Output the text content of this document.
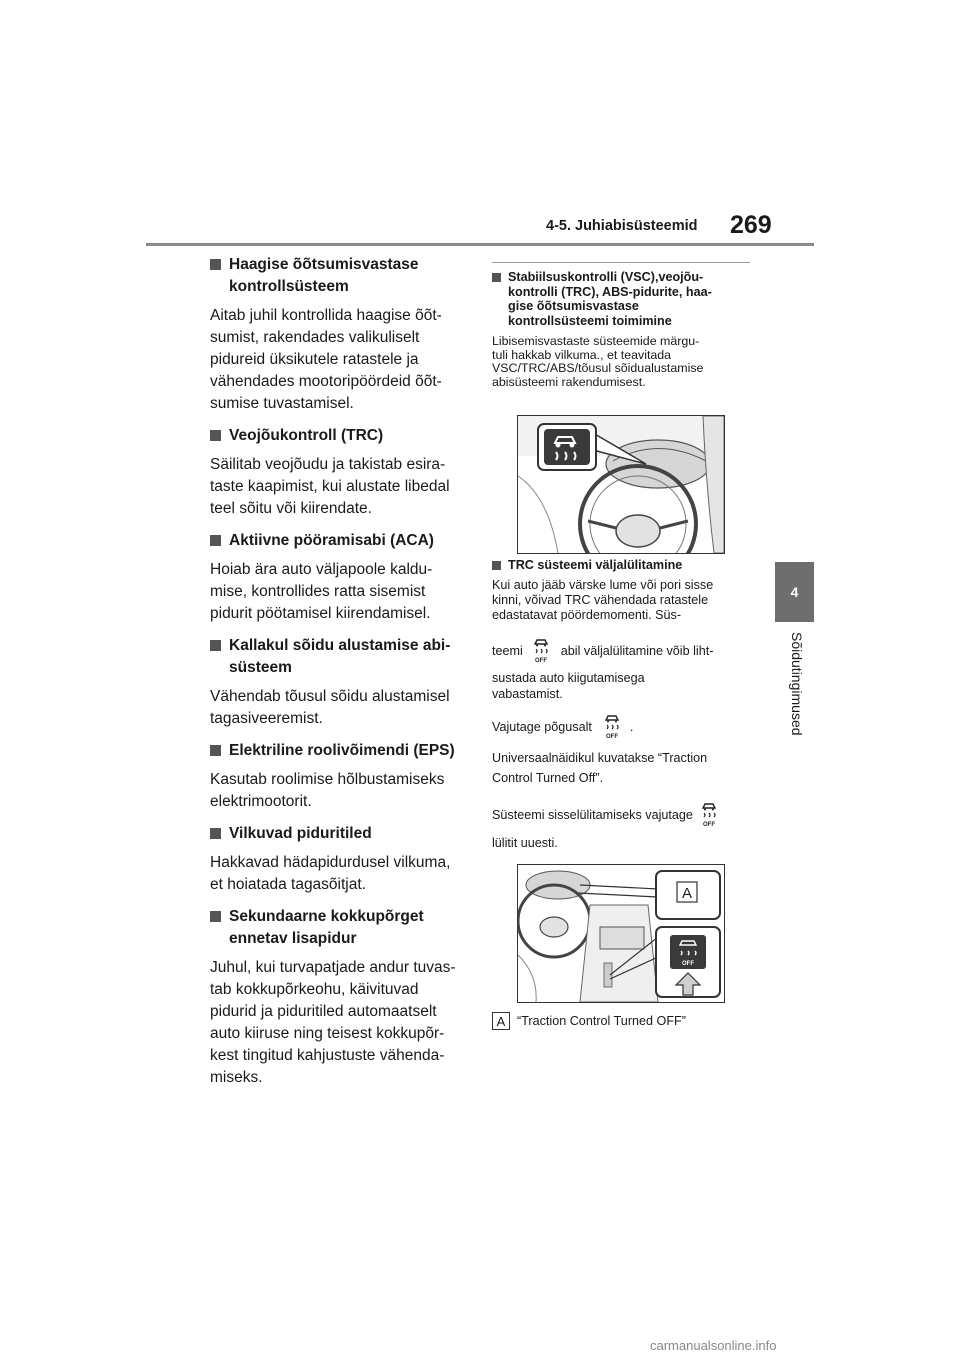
4-5. Juhiabisüsteemid	269
4
Sõidutingimused
Haagise õõtsumisvastase
kontrollsüsteem
Aitab juhil kontrollida haagise õõt-
sumist, rakendades valikuliselt
pidureid üksikutele ratastele ja
vähendades mootoripöördeid õõt-
sumise tuvastamisel.
Veojõukontroll (TRC)
Säilitab veojõudu ja takistab esira-
taste kaapimist, kui alustate libedal
teel sõitu või kiirendate.
Aktiivne pööramisabi (ACA)
Hoiab ära auto väljapoole kaldu-
mise, kontrollides ratta sisemist
pidurit pöötamisel kiirendamisel.
Kallakul sõidu alustamise abi-
süsteem
Vähendab tõusul sõidu alustamisel
tagasiveeremist.
Elektriline roolivõimendi (EPS)
Kasutab roolimise hõlbustamiseks
elektrimootorit.
Vilkuvad piduritiled
Hakkavad hädapidurdusel vilkuma,
et hoiatada tagasõitjat.
Sekundaarne kokkupõrget
ennetav lisapidur
Juhul, kui turvapatjade andur tuvas-
tab kokkupõrkeohu, käivituvad
pidurid ja piduritiled automaatselt
auto kiiruse ning teisest kokkupõr-
kest tingitud kahjustuste vähenda-
miseks.
Stabiilsuskontrolli (VSC),veojõu-
kontrolli (TRC), ABS-pidurite, haa-
gise õõtsumisvastase
kontrollsüsteemi toimimine
Libisemisvastaste süsteemide märgu-
tuli hakkab vilkuma., et teavitada
VSC/TRC/ABS/tõusul sõidualustamise
abisüsteemi rakendumisest.
TRC süsteemi väljalülitamine
Kui auto jääb värske lume või pori sisse
kinni, võivad TRC vähendada ratastele
edastatavat pöördemomenti. Süs-
teemi
OFF
abil väljalülitamine võib liht-
sustada auto kiigutamisega
vabastamist.
Vajutage põgusalt
OFF
.
Universaalnäidikul kuvatakse “Traction
Control Turned Off”.
Süsteemi sisselülitamiseks vajutage
OFF
lülitit uuesti.
A
OFF
A “Traction Control Turned OFF”
carmanualsonline.info
